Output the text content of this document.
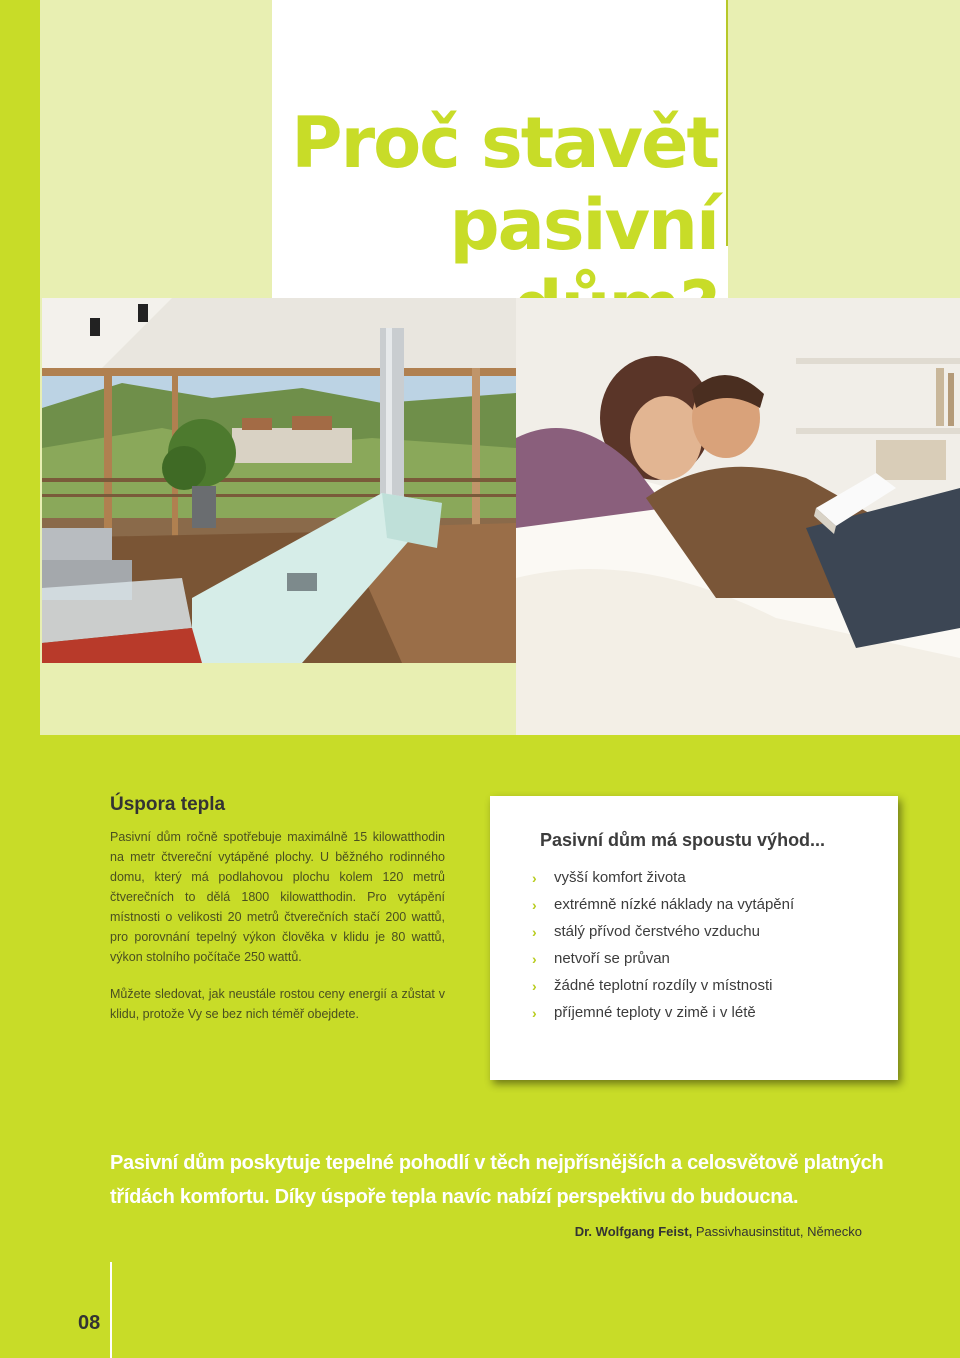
Proč stavět
pasivní
Úspora tepla

Pasivní dům ročně spotřebuje maximálně 15 kilowatthodin na metr čtvereční vytápěné plochy. U běžného rodinného domu, který má podlahovou plochu kolem 120 metrů čtverečních to dělá 1800 kilowatthodin. Pro vytápění místnosti o velikosti 20 metrů čtverečních stačí 200 wattů, pro porovnání tepelný výkon člověka v klidu je 80 wattů, výkon stolního počítače 250 wattů.

Můžete sledovat, jak neustále rostou ceny energií a zůstat v klidu, protože Vy se bez nich téměř obejdete.

Pasivní dům má spoustu výhod...
›	vyšší komfort života
›	extrémně nízké náklady na vytápění
›	stálý přívod čerstvého vzduchu
›	netvoří se průvan
›	žádné teplotní rozdíly v místnosti
›	příjemné teploty v zimě i v létě

Pasivní dům poskytuje tepelné pohodlí v těch nejpřísnějších a celosvětově platných třídách komfortu. Díky úspoře tepla navíc nabízí perspektivu do budoucna.

Dr. Wolfgang Feist, Passivhausinstitut, Německo

08
